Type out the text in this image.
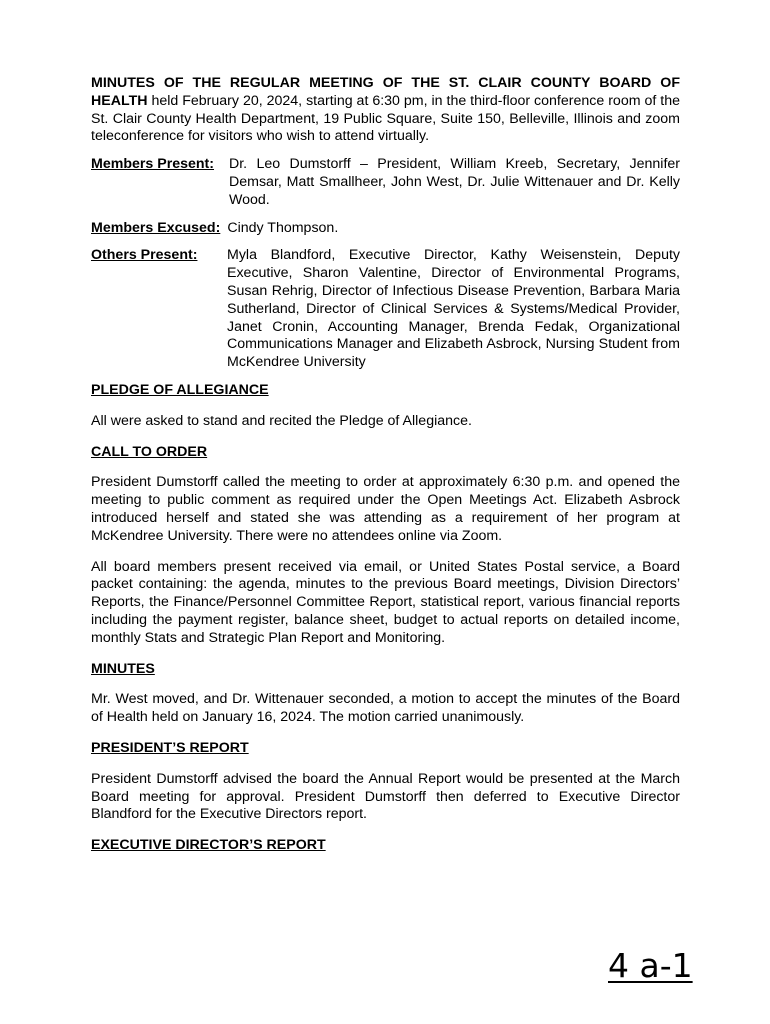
MINUTES OF THE REGULAR MEETING OF THE ST. CLAIR COUNTY BOARD OF HEALTH held February 20, 2024, starting at 6:30 pm, in the third-floor conference room of the St. Clair County Health Department, 19 Public Square, Suite 150, Belleville, Illinois and zoom teleconference for visitors who wish to attend virtually.

Members Present:	Dr. Leo Dumstorff – President, William Kreeb, Secretary, Jennifer Demsar, Matt Smallheer, John West, Dr. Julie Wittenauer and Dr. Kelly Wood.
Members Excused: Cindy Thompson.
Others Present:	Myla Blandford, Executive Director, Kathy Weisenstein, Deputy Executive, Sharon Valentine, Director of Environmental Programs, Susan Rehrig, Director of Infectious Disease Prevention, Barbara Maria Sutherland, Director of Clinical Services & Systems/Medical Provider, Janet Cronin, Accounting Manager, Brenda Fedak, Organizational Communications Manager and Elizabeth Asbrock, Nursing Student from McKendree University
PLEDGE OF ALLEGIANCE

All were asked to stand and recited the Pledge of Allegiance.

CALL TO ORDER

President Dumstorff called the meeting to order at approximately 6:30 p.m. and opened the meeting to public comment as required under the Open Meetings Act. Elizabeth Asbrock introduced herself and stated she was attending as a requirement of her program at McKendree University. There were no attendees online via Zoom.

All board members present received via email, or United States Postal service, a Board packet containing: the agenda, minutes to the previous Board meetings, Division Directors’ Reports, the Finance/Personnel Committee Report, statistical report, various financial reports including the payment register, balance sheet, budget to actual reports on detailed income, monthly Stats and Strategic Plan Report and Monitoring.

MINUTES

Mr. West moved, and Dr. Wittenauer seconded, a motion to accept the minutes of the Board of Health held on January 16, 2024. The motion carried unanimously.

PRESIDENT’S REPORT

President Dumstorff advised the board the Annual Report would be presented at the March Board meeting for approval. President Dumstorff then deferred to Executive Director Blandford for the Executive Directors report.

EXECUTIVE DIRECTOR’S REPORT
4 a-1
